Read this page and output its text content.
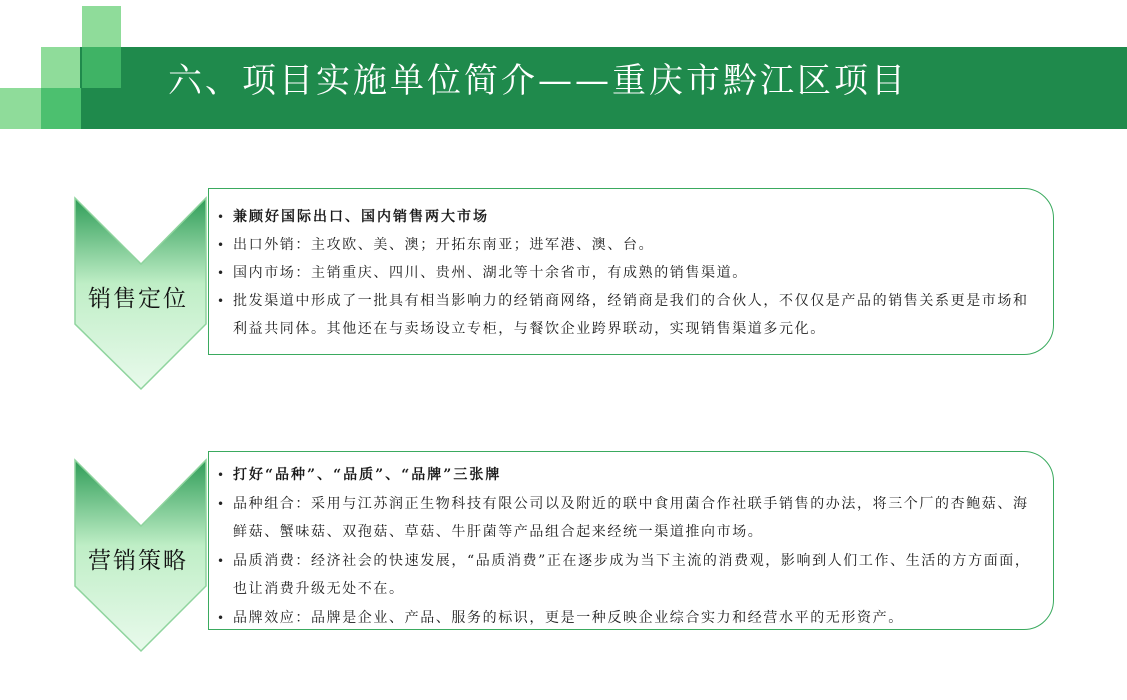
六、项目实施单位简介——重庆市黔江区项目
销售定位
• 兼顾好国际出口、国内销售两大市场
• 出口外销：主攻欧、美、澳；开拓东南亚；进军港、澳、台。
• 国内市场：主销重庆、四川、贵州、湖北等十余省市，有成熟的销售渠道。
• 批发渠道中形成了一批具有相当影响力的经销商网络，经销商是我们的合伙人，不仅仅是产品的销售关系更是市场和利益共同体。其他还在与卖场设立专柜，与餐饮企业跨界联动，实现销售渠道多元化。
营销策略
• 打好“品种”、“品质”、“品牌”三张牌
• 品种组合：采用与江苏润正生物科技有限公司以及附近的联中食用菌合作社联手销售的办法，将三个厂的杏鲍菇、海鲜菇、蟹味菇、双孢菇、草菇、牛肝菌等产品组合起来经统一渠道推向市场。
• 品质消费：经济社会的快速发展，“品质消费”正在逐步成为当下主流的消费观，影响到人们工作、生活的方方面面，也让消费升级无处不在。
• 品牌效应：品牌是企业、产品、服务的标识，更是一种反映企业综合实力和经营水平的无形资产。
